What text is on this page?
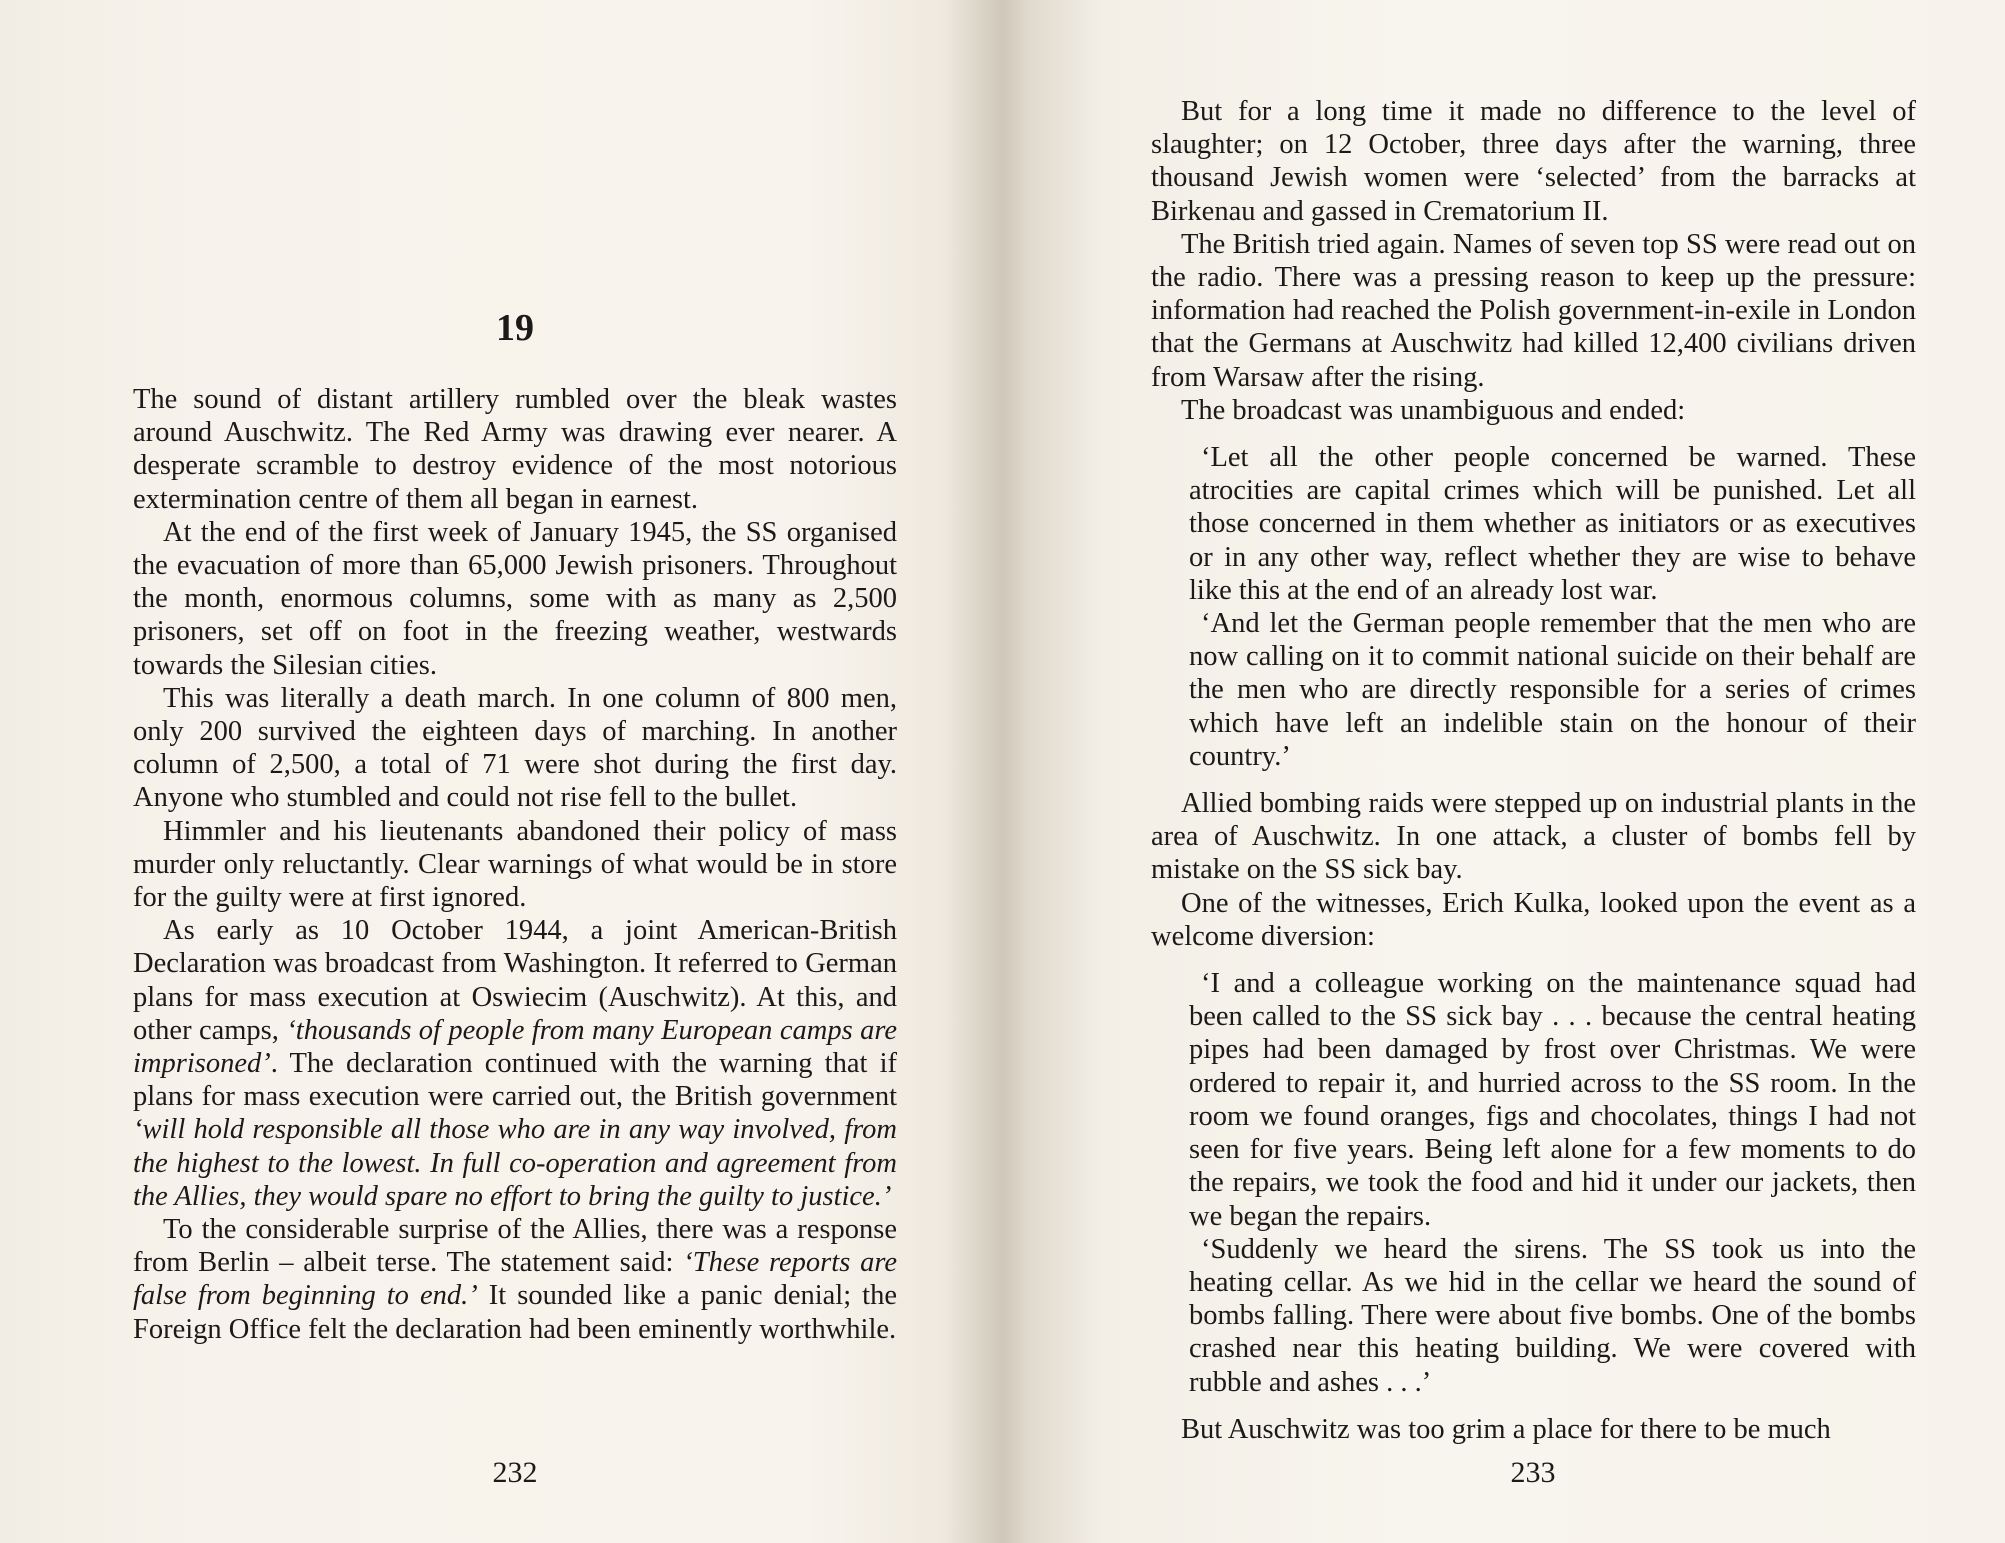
19

The sound of distant artillery rumbled over the bleak wastes around Auschwitz. The Red Army was drawing ever nearer. A desperate scramble to destroy evidence of the most notorious extermination centre of them all began in earnest.

At the end of the first week of January 1945, the SS organised the evacuation of more than 65,000 Jewish prisoners. Throughout the month, enormous columns, some with as many as 2,500 prisoners, set off on foot in the freezing weather, westwards towards the Silesian cities.

This was literally a death march. In one column of 800 men, only 200 survived the eighteen days of marching. In another column of 2,500, a total of 71 were shot during the first day. Anyone who stumbled and could not rise fell to the bullet.

Himmler and his lieutenants abandoned their policy of mass murder only reluctantly. Clear warnings of what would be in store for the guilty were at first ignored.

As early as 10 October 1944, a joint American-British Declaration was broadcast from Washington. It referred to German plans for mass execution at Oswiecim (Auschwitz). At this, and other camps, ‘thousands of people from many European camps are imprisoned’. The declaration continued with the warning that if plans for mass execution were carried out, the British government ‘will hold responsible all those who are in any way involved, from the highest to the lowest. In full co-operation and agreement from the Allies, they would spare no effort to bring the guilty to justice.’

To the considerable surprise of the Allies, there was a response from Berlin – albeit terse. The statement said: ‘These reports are false from beginning to end.’ It sounded like a panic denial; the Foreign Office felt the declaration had been eminently worthwhile.

232

But for a long time it made no difference to the level of slaughter; on 12 October, three days after the warning, three thousand Jewish women were ‘selected’ from the barracks at Birkenau and gassed in Crematorium II.

The British tried again. Names of seven top SS were read out on the radio. There was a pressing reason to keep up the pressure: information had reached the Polish government-in-exile in London that the Germans at Auschwitz had killed 12,400 civilians driven from Warsaw after the rising.

The broadcast was unambiguous and ended:

‘Let all the other people concerned be warned. These atrocities are capital crimes which will be punished. Let all those concerned in them whether as initiators or as executives or in any other way, reflect whether they are wise to behave like this at the end of an already lost war.

‘And let the German people remember that the men who are now calling on it to commit national suicide on their behalf are the men who are directly responsible for a series of crimes which have left an indelible stain on the honour of their country.’

Allied bombing raids were stepped up on industrial plants in the area of Auschwitz. In one attack, a cluster of bombs fell by mistake on the SS sick bay.

One of the witnesses, Erich Kulka, looked upon the event as a welcome diversion:

‘I and a colleague working on the maintenance squad had been called to the SS sick bay . . . because the central heating pipes had been damaged by frost over Christmas. We were ordered to repair it, and hurried across to the SS room. In the room we found oranges, figs and chocolates, things I had not seen for five years. Being left alone for a few moments to do the repairs, we took the food and hid it under our jackets, then we began the repairs.

‘Suddenly we heard the sirens. The SS took us into the heating cellar. As we hid in the cellar we heard the sound of bombs falling. There were about five bombs. One of the bombs crashed near this heating building. We were covered with rubble and ashes . . .’

But Auschwitz was too grim a place for there to be much

233
